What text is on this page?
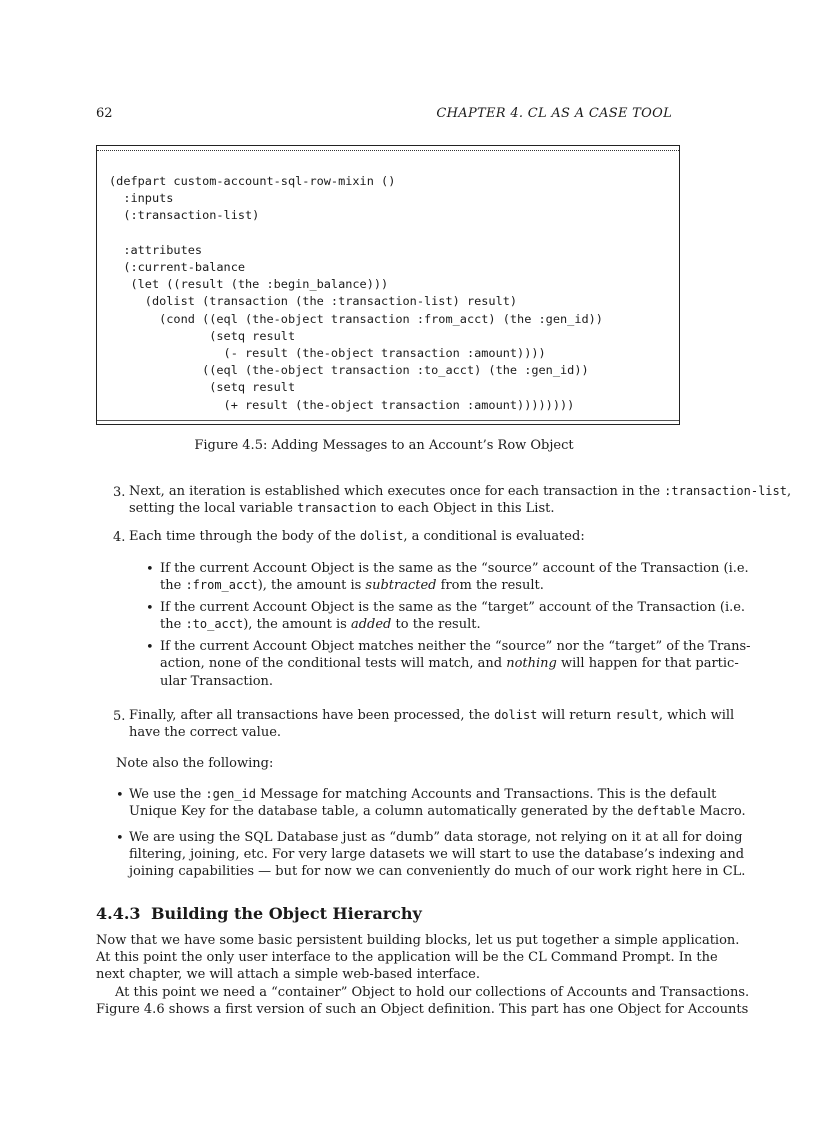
62	CHAPTER 4. CL AS A CASE TOOL
(defpart custom-account-sql-row-mixin ()
:inputs
(:transaction-list)

:attributes
(:current-balance
(let ((result (the :begin_balance)))
(dolist (transaction (the :transaction-list) result)
(cond ((eql (the-object transaction :from_acct) (the :gen_id))
(setq result
(- result (the-object transaction :amount))))
((eql (the-object transaction :to_acct) (the :gen_id))
(setq result
(+ result (the-object transaction :amount))))))))
Figure 4.5: Adding Messages to an Account’s Row Object
3. Next, an iteration is established which executes once for each transaction in the :transaction-list,
setting the local variable transaction to each Object in this List.
4. Each time through the body of the dolist, a conditional is evaluated:
• If the current Account Object is the same as the “source” account of the Transaction (i.e.
the :from_acct), the amount is subtracted from the result.
• If the current Account Object is the same as the “target” account of the Transaction (i.e.
the :to_acct), the amount is added to the result.
• If the current Account Object matches neither the “source” nor the “target” of the Trans-
action, none of the conditional tests will match, and nothing will happen for that partic-
ular Transaction.
5. Finally, after all transactions have been processed, the dolist will return result, which will
have the correct value.
Note also the following:
• We use the :gen_id Message for matching Accounts and Transactions. This is the default
Unique Key for the database table, a column automatically generated by the deftable Macro.
• We are using the SQL Database just as “dumb” data storage, not relying on it at all for doing
filtering, joining, etc. For very large datasets we will start to use the database’s indexing and
joining capabilities — but for now we can conveniently do much of our work right here in CL.
4.4.3 Building the Object Hierarchy
Now that we have some basic persistent building blocks, let us put together a simple application.
At this point the only user interface to the application will be the CL Command Prompt. In the
next chapter, we will attach a simple web-based interface.
At this point we need a “container” Object to hold our collections of Accounts and Transactions.
Figure 4.6 shows a first version of such an Object definition. This part has one Object for Accounts
